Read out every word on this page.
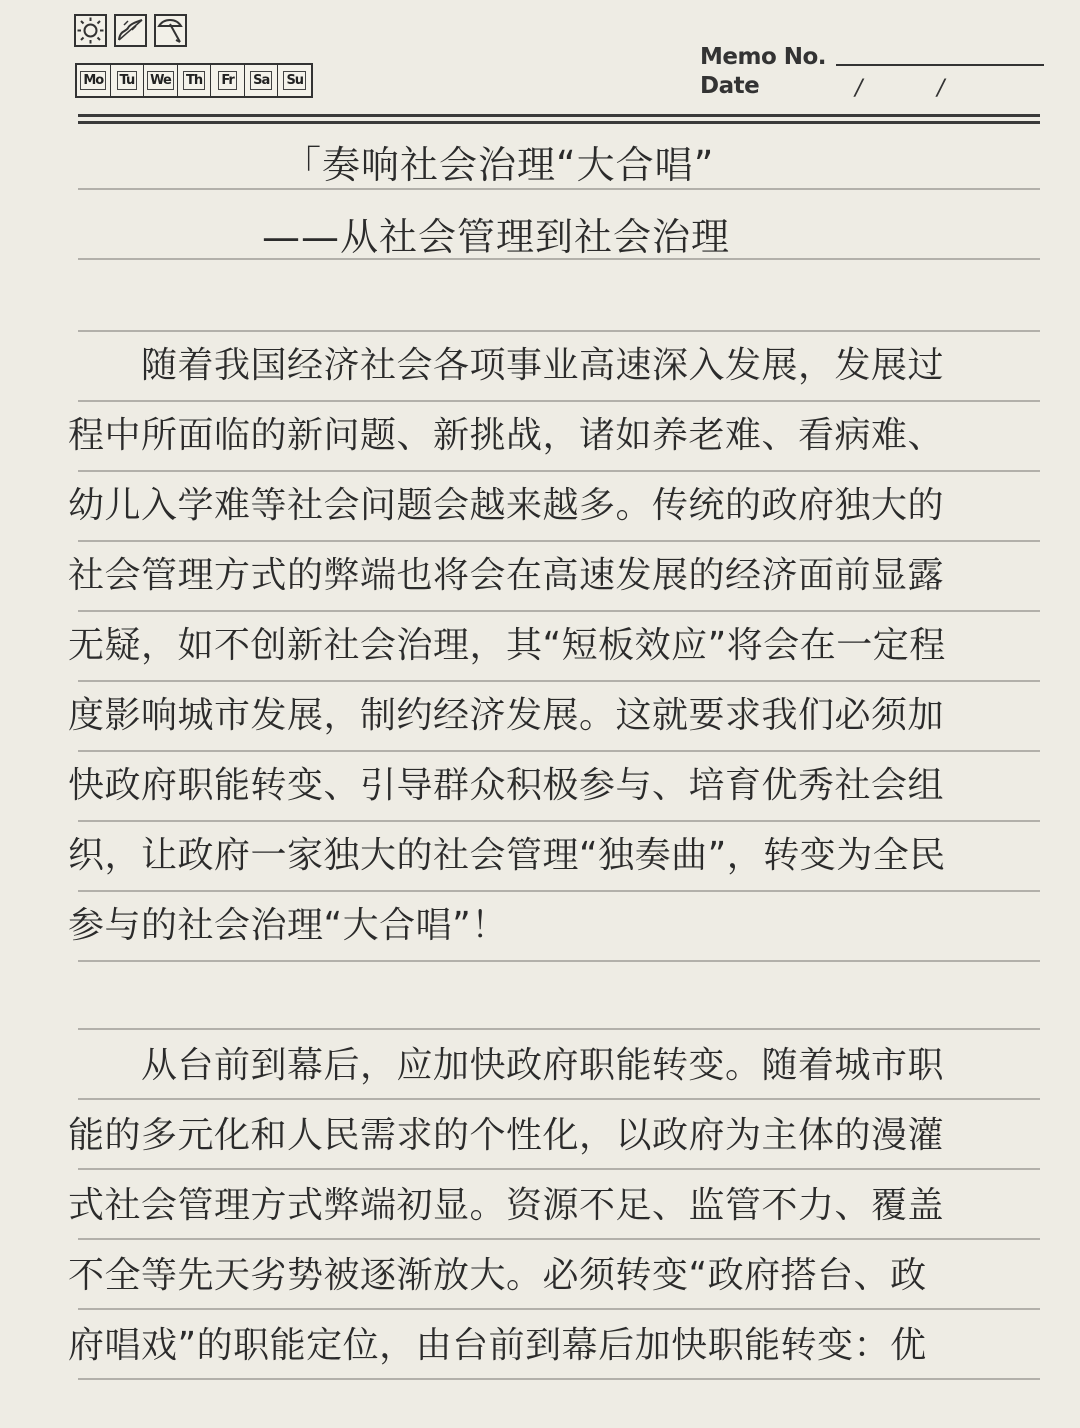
Mo Tu We Th Fr Sa Su
Memo No.
Date	/	/
「奏响社会治理“大合唱”
——从社会管理到社会治理
　　随着我国经济社会各项事业高速深入发展，发展过
程中所面临的新问题、新挑战，诸如养老难、看病难、
幼儿入学难等社会问题会越来越多。传统的政府独大的
社会管理方式的弊端也将会在高速发展的经济面前显露
无疑，如不创新社会治理，其“短板效应”将会在一定程
度影响城市发展，制约经济发展。这就要求我们必须加
快政府职能转变、引导群众积极参与、培育优秀社会组
织，让政府一家独大的社会管理“独奏曲”，转变为全民
参与的社会治理“大合唱”！
　　从台前到幕后，应加快政府职能转变。随着城市职
能的多元化和人民需求的个性化，以政府为主体的漫灌
式社会管理方式弊端初显。资源不足、监管不力、覆盖
不全等先天劣势被逐渐放大。必须转变“政府搭台、政
府唱戏”的职能定位，由台前到幕后加快职能转变：优
